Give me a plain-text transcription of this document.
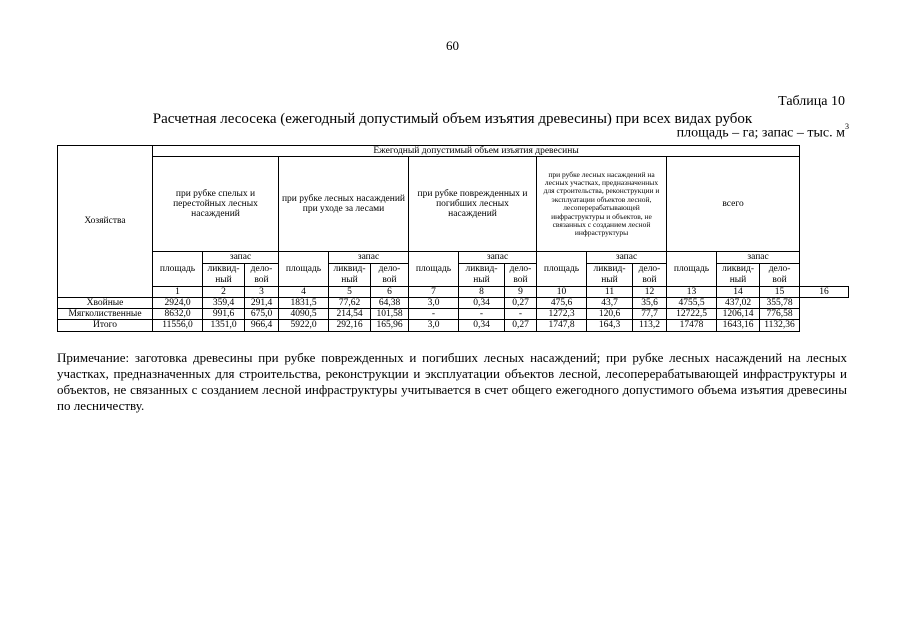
60
Таблица 10
Расчетная лесосека (ежегодный допустимый объем изъятия древесины) при всех видах рубок
площадь – га; запас – тыс. $м^3$
Хозяйства	Ежегодный допустимый объем изъятия древесины															
	при рубке спелых и перестойных лесных насаждений			при рубке лесных насаждений при уходе за лесами			при рубке поврежденных и погибших лесных насаждений			при рубке лесных насаждений на лесных участках, предназначенных для строительства, реконструкции и эксплуатации объектов лесной, лесоперерабатывающей инфраструктуры и объектов, не связанных с созданием лесной инфраструктуры			всего			
	площадь	запас		площадь	запас		площадь	запас		площадь	запас		площадь	запас		
		ликвид-ный	дело-вой		ликвид-ный	дело-вой		ликвид-ный	дело-вой		ликвид-ный	дело-вой		ликвид-ный	дело-вой	
	1	2	3	4	5	6	7	8	9	10	11	12	13	14	15	16
Хвойные	2924,0	359,4	291,4	1831,5	77,62	64,38	3,0	0,34	0,27	475,6	43,7	35,6	4755,5	437,02	355,78	
Мягколиственные	8632,0	991,6	675,0	4090,5	214,54	101,58	-	-	-	1272,3	120,6	77,7	12722,5	1206,14	776,58	
Итого	11556,0	1351,0	966,4	5922,0	292,16	165,96	3,0	0,34	0,27	1747,8	164,3	113,2	17478	1643,16	1132,36	
Примечание: заготовка древесины при рубке поврежденных и погибших лесных насаждений; при рубке лесных насаждений на лесных участках, предназначенных для строительства, реконструкции и эксплуатации объектов лесной, лесоперерабатывающей инфраструктуры и объектов, не связанных с созданием лесной инфраструктуры учитывается в счет общего ежегодного допустимого объема изъятия древесины по лесничеству.
